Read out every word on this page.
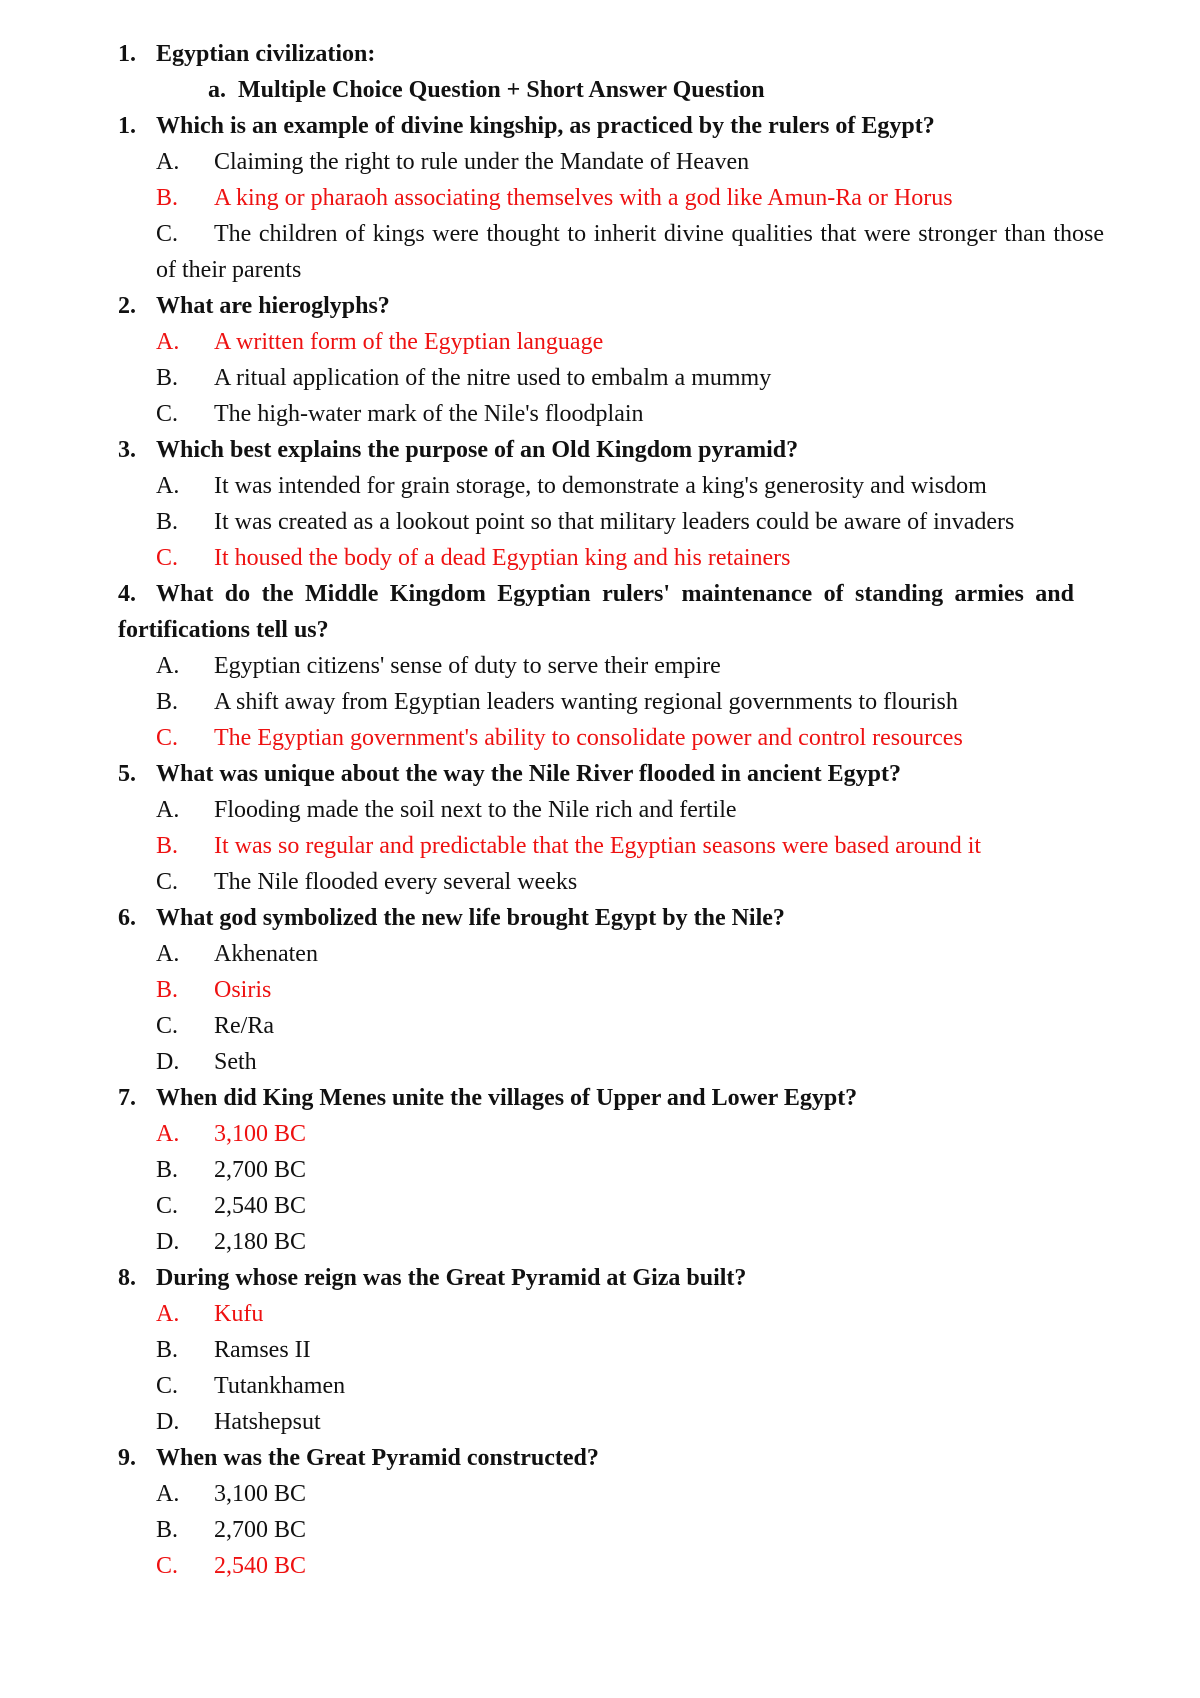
1. Egyptian civilization:
a. Multiple Choice Question + Short Answer Question
1. Which is an example of divine kingship, as practiced by the rulers of Egypt?
A. Claiming the right to rule under the Mandate of Heaven
B. A king or pharaoh associating themselves with a god like Amun-Ra or Horus
C. The children of kings were thought to inherit divine qualities that were stronger than those of their parents
2. What are hieroglyphs?
A. A written form of the Egyptian language
B. A ritual application of the nitre used to embalm a mummy
C. The high-water mark of the Nile's floodplain
3. Which best explains the purpose of an Old Kingdom pyramid?
A. It was intended for grain storage, to demonstrate a king's generosity and wisdom
B. It was created as a lookout point so that military leaders could be aware of invaders
C. It housed the body of a dead Egyptian king and his retainers
4. What do the Middle Kingdom Egyptian rulers' maintenance of standing armies and fortifications tell us?
A. Egyptian citizens' sense of duty to serve their empire
B. A shift away from Egyptian leaders wanting regional governments to flourish
C. The Egyptian government's ability to consolidate power and control resources
5. What was unique about the way the Nile River flooded in ancient Egypt?
A. Flooding made the soil next to the Nile rich and fertile
B. It was so regular and predictable that the Egyptian seasons were based around it
C. The Nile flooded every several weeks
6. What god symbolized the new life brought Egypt by the Nile?
A. Akhenaten
B. Osiris
C. Re/Ra
D. Seth
7. When did King Menes unite the villages of Upper and Lower Egypt?
A. 3,100 BC
B. 2,700 BC
C. 2,540 BC
D. 2,180 BC
8. During whose reign was the Great Pyramid at Giza built?
A. Kufu
B. Ramses II
C. Tutankhamen
D. Hatshepsut
9. When was the Great Pyramid constructed?
A. 3,100 BC
B. 2,700 BC
C. 2,540 BC
